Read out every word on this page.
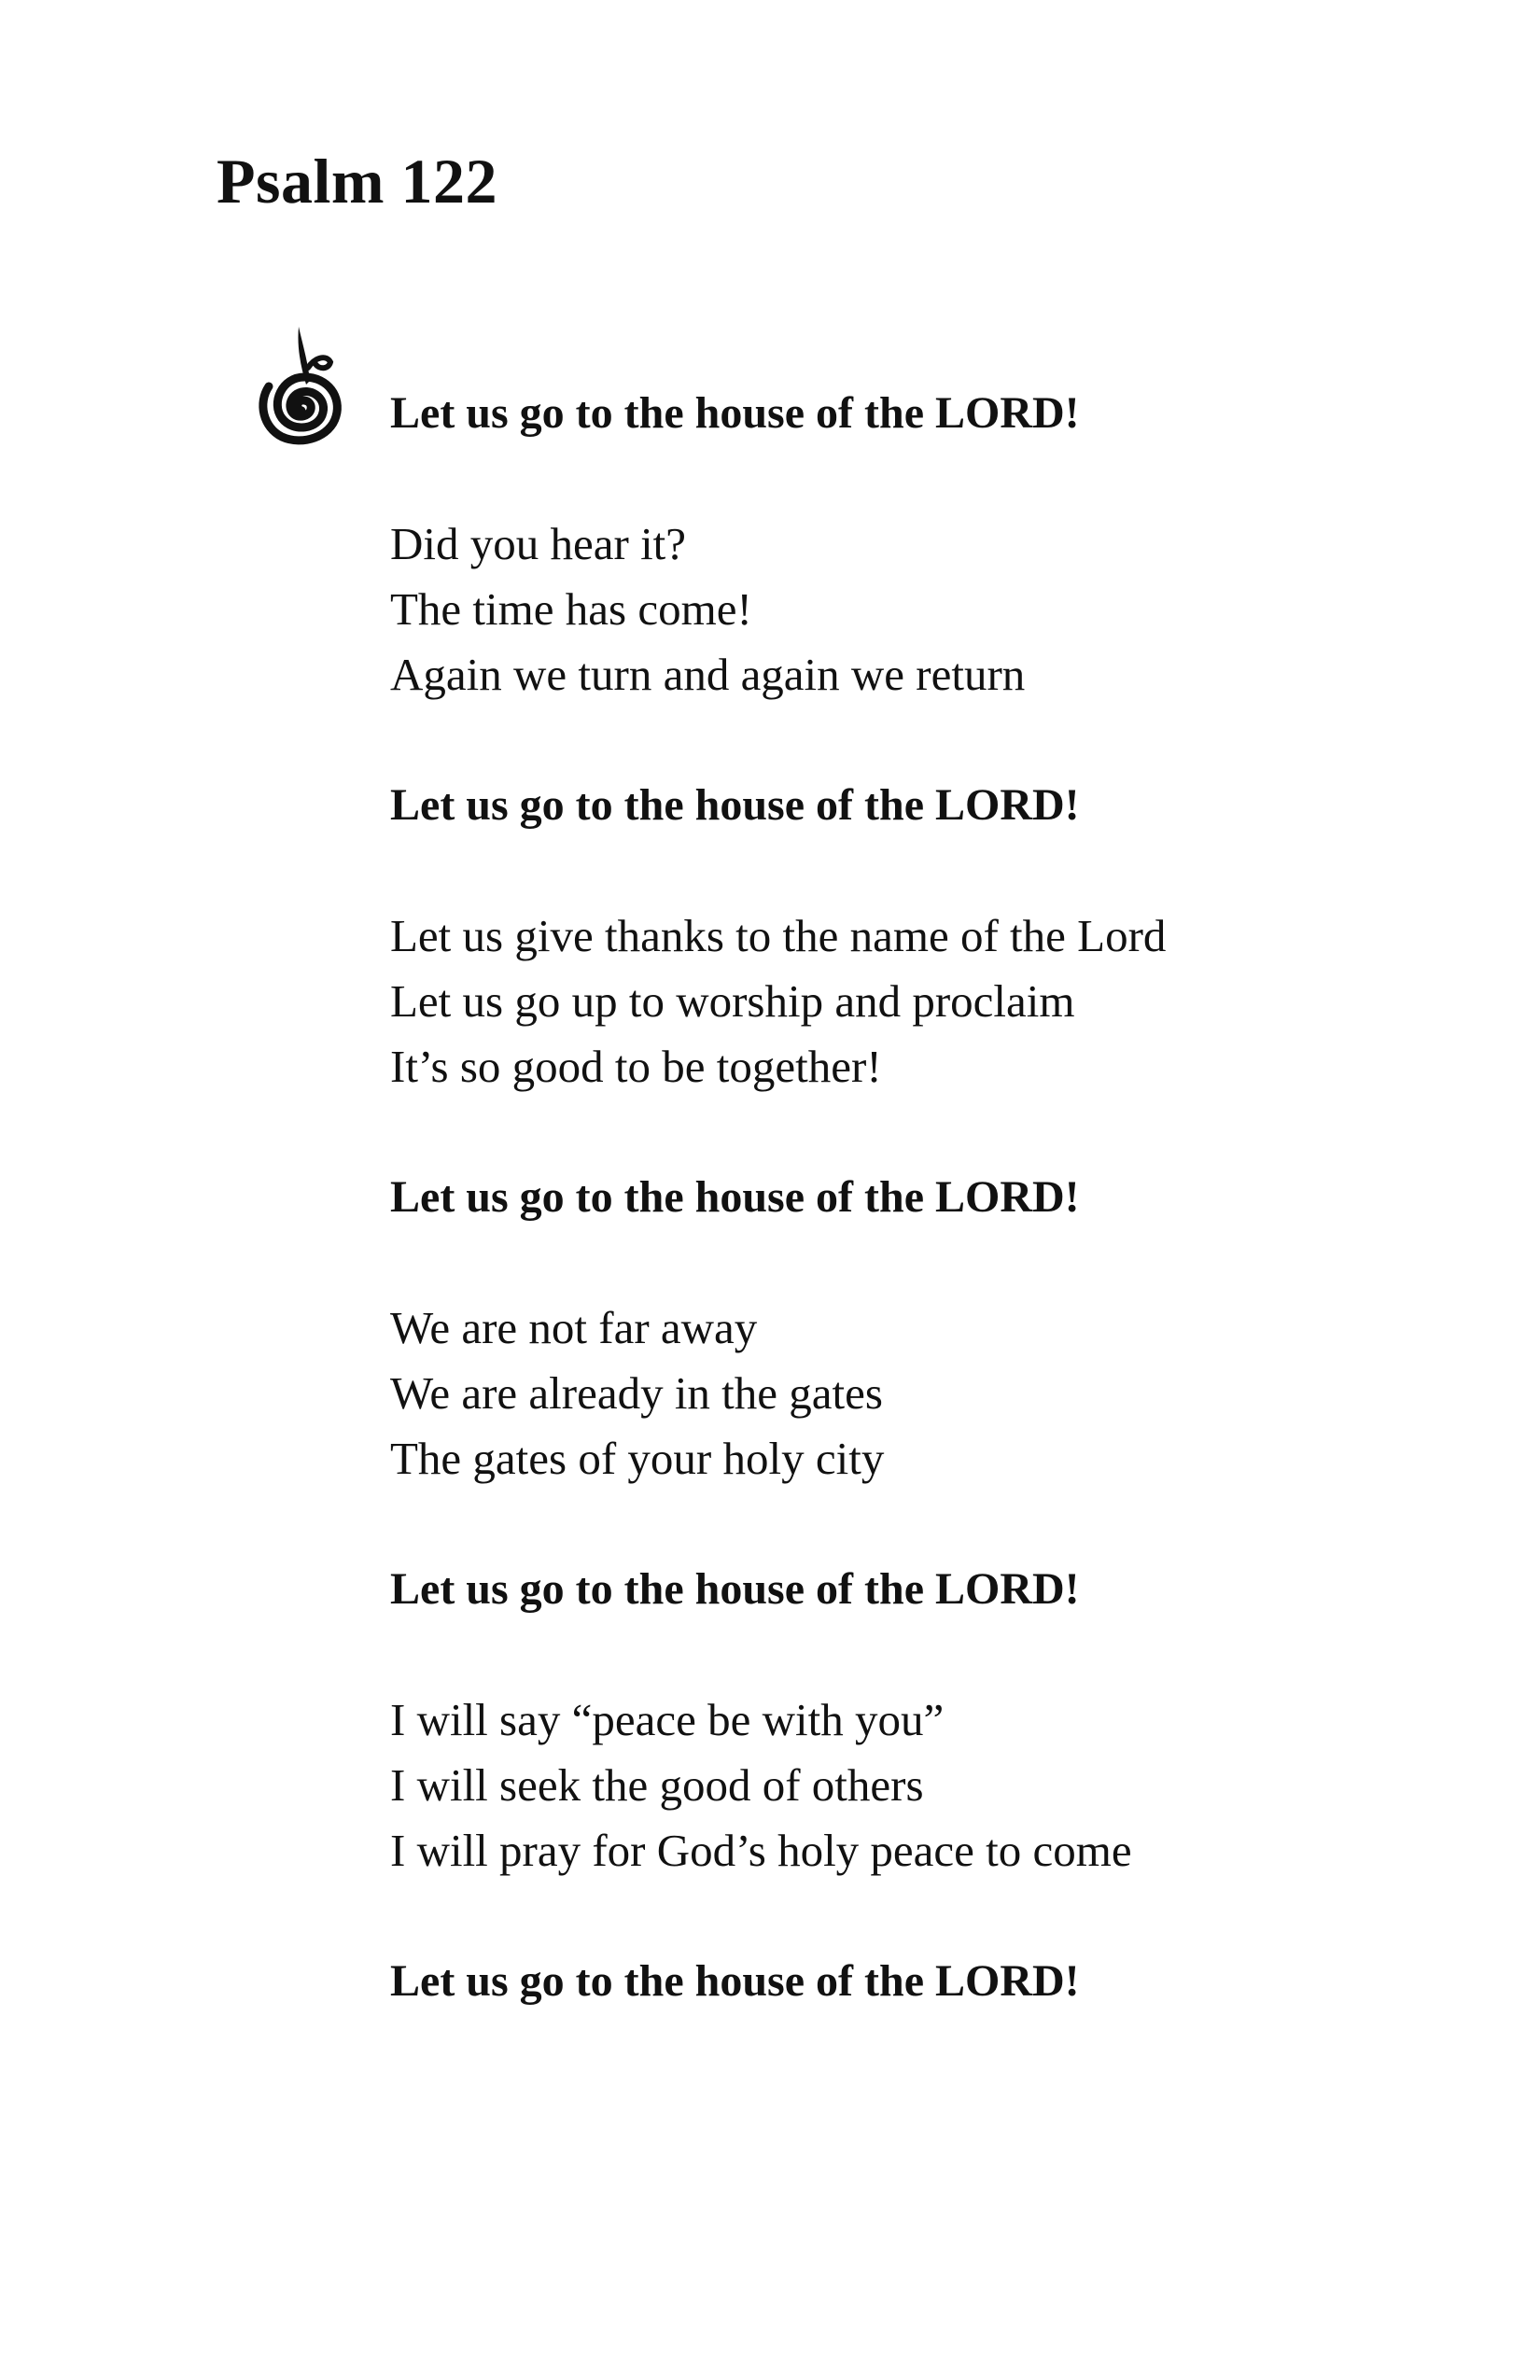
Psalm 122
Let us go to the house of the LORD!
Did you hear it?
The time has come!
Again we turn and again we return
Let us go to the house of the LORD!
Let us give thanks to the name of the Lord
Let us go up to worship and proclaim
It’s so good to be together!
Let us go to the house of the LORD!
We are not far away
We are already in the gates
The gates of your holy city
Let us go to the house of the LORD!
I will say “peace be with you”
I will seek the good of others
I will pray for God’s holy peace to come
Let us go to the house of the LORD!
